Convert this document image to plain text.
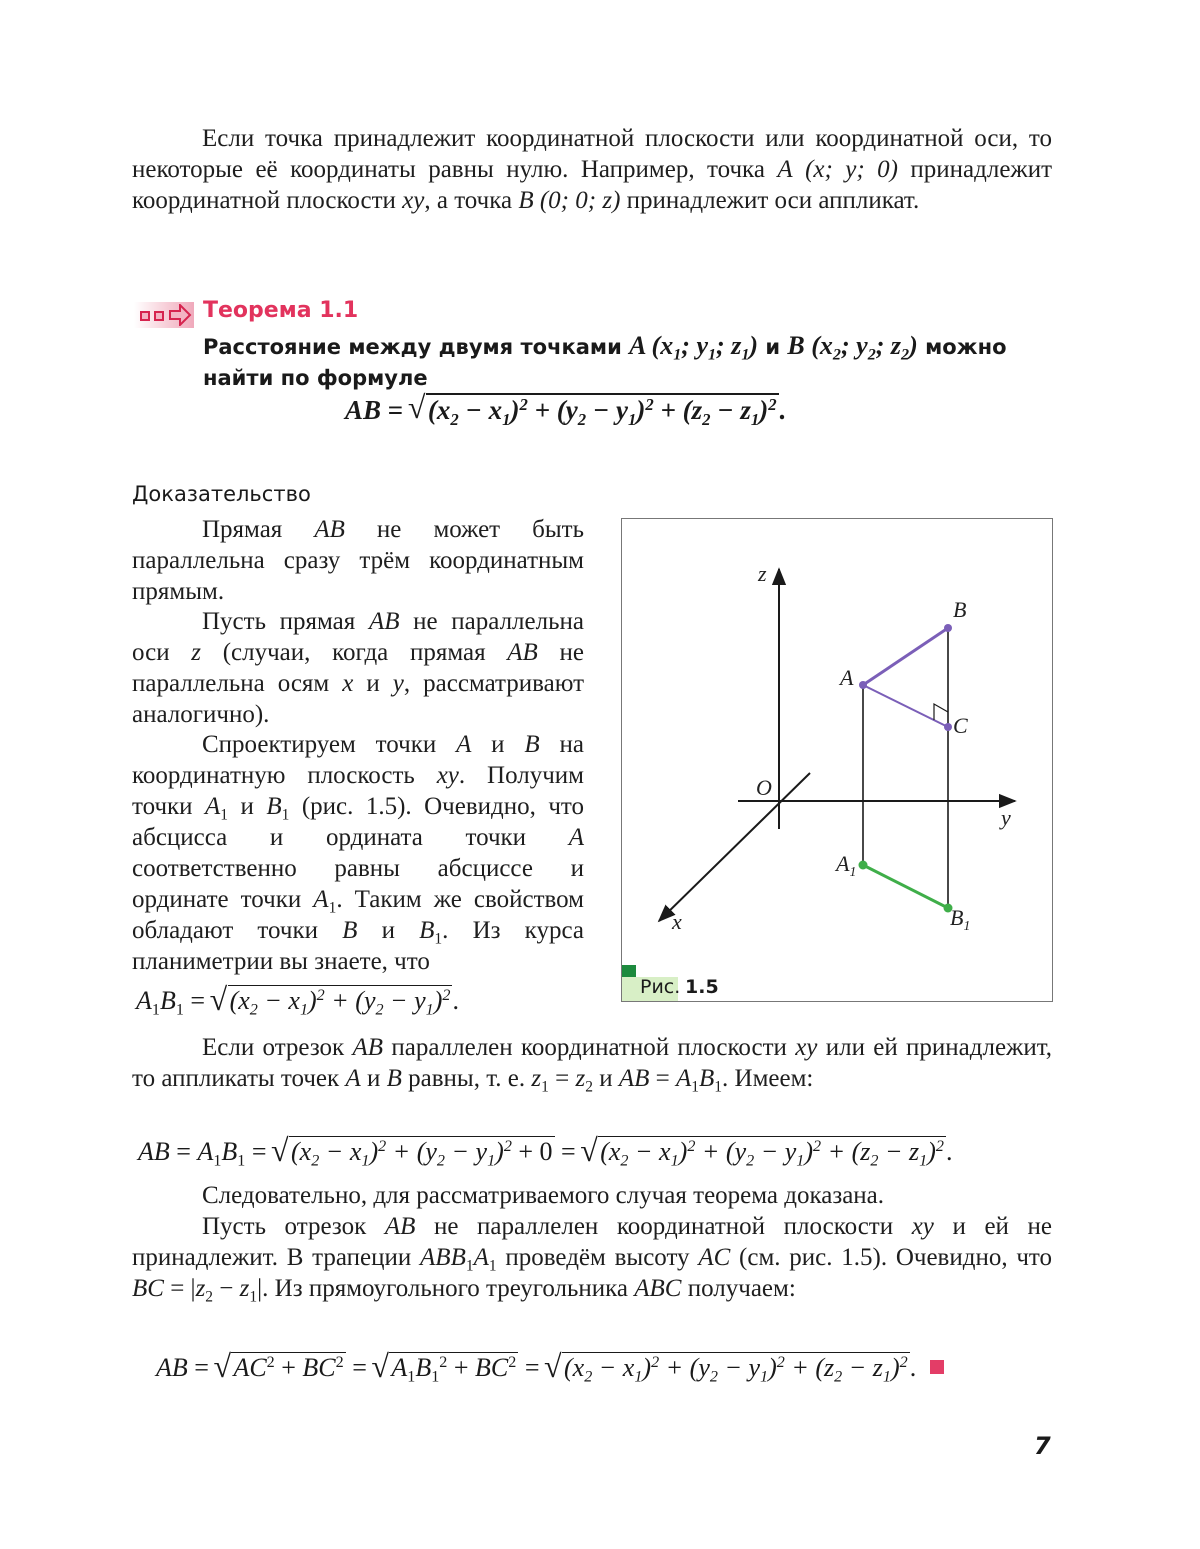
Если точка принадлежит координатной плоскости или координатной оси, то некоторые её координаты равны нулю. Например, точка A (x; y; 0) принадлежит координатной плоскости xy, а точка B (0; 0; z) принадлежит оси аппликат.
Теорема 1.1
Расстояние между двумя точками A ($x_1$; $y_1$; $z_1$) и B ($x_2$; $y_2$; $z_2$) можно найти по формуле
AB = √ $(x_2 - x_1)^2 + (y_2 - y_1)^2 + (z_2 - z_1)^2$.
Доказательство
Прямая AB не может быть параллельна сразу трём координатным прямым.
Пусть прямая AB не параллельна оси z (случаи, когда прямая AB не параллельна осям x и y, рассматривают аналогично).
Спроектируем точки A и B на координатную плоскость xy. Получим точки $A_1$ и $B_1$ (рис. 1.5). Очевидно, что абсцисса и ордината точки A соответственно равны абсциссе и ординате точки $A_1$. Таким же свойством обладают точки B и $B_1$. Из курса планиметрии вы знаете, что
$A_1B_1$ = √ $(x_2 - x_1)^2 + (y_2 - y_1)^2$.
Если отрезок AB параллелен координатной плоскости xy или ей принадлежит, то аппликаты точек A и B равны, т. е. $z_1 = z_2$ и AB = $A_1B_1$. Имеем:
AB = $A_1B_1$ = √ $(x_2 - x_1)^2 + (y_2 - y_1)^2 + 0$ = √ $(x_2 - x_1)^2 + (y_2 - y_1)^2 + (z_2 - z_1)^2$.
Следовательно, для рассматриваемого случая теорема доказана.
Пусть отрезок AB не параллелен координатной плоскости xy и ей не принадлежит. В трапеции $ABB_1A_1$ проведём высоту AC (см. рис. 1.5). Очевидно, что BC = $|z_2 - z_1|$. Из прямоугольного треугольника ABC получаем:
AB = √ $AC^2 + BC^2$ = √ $A_1B_1^2 + BC^2$ = √ $(x_2 - x_1)^2 + (y_2 - y_1)^2 + (z_2 - z_1)^2$.
z
B
A
C
O
y
$A_1$
$B_1$
x
Рис. 1.5
7
